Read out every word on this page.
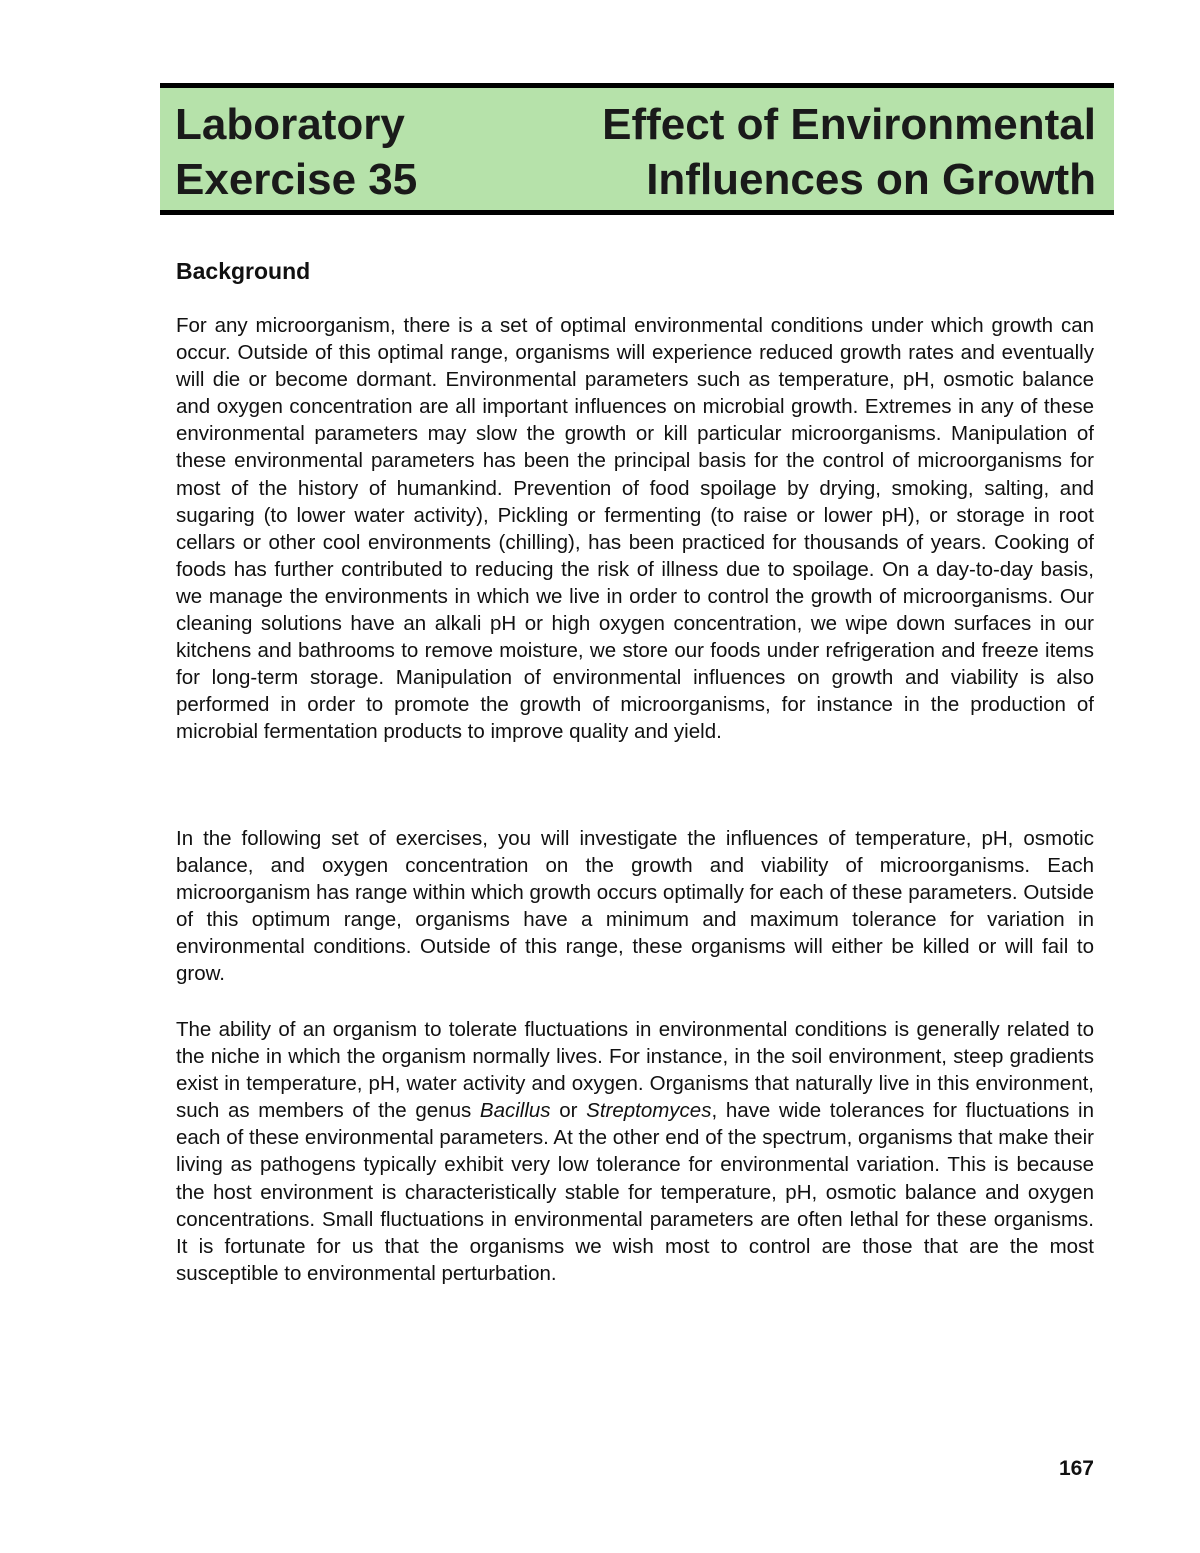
Laboratory
Exercise 35
Effect of Environmental
Influences on Growth
Background

For any microorganism, there is a set of optimal environmental conditions under which growth can occur. Outside of this optimal range, organisms will experience reduced growth rates and eventually will die or become dormant. Environmental parameters such as temperature, pH, osmotic balance and oxygen concentration are all important influences on microbial growth. Extremes in any of these environmental parameters may slow the growth or kill particular microorganisms. Manipulation of these environmental parameters has been the principal basis for the control of microorganisms for most of the history of humankind. Prevention of food spoilage by drying, smoking, salting, and sugaring (to lower water activity), Pickling or fermenting (to raise or lower pH), or storage in root cellars or other cool environments (chilling), has been practiced for thousands of years. Cooking of foods has further contributed to reducing the risk of illness due to spoilage. On a day-to-day basis, we manage the environments in which we live in order to control the growth of microorganisms. Our cleaning solutions have an alkali pH or high oxygen concentration, we wipe down surfaces in our kitchens and bathrooms to remove moisture, we store our foods under refrigeration and freeze items for long-term storage. Manipulation of environmental influences on growth and viability is also performed in order to promote the growth of microorganisms, for instance in the production of microbial fermentation products to improve quality and yield.

In the following set of exercises, you will investigate the influences of temperature, pH, osmotic balance, and oxygen concentration on the growth and viability of microorganisms. Each microorganism has range within which growth occurs optimally for each of these parameters. Outside of this optimum range, organisms have a minimum and maximum tolerance for variation in environmental conditions. Outside of this range, these organisms will either be killed or will fail to grow.

The ability of an organism to tolerate fluctuations in environmental conditions is generally related to the niche in which the organism normally lives. For instance, in the soil environment, steep gradients exist in temperature, pH, water activity and oxygen. Organisms that naturally live in this environment, such as members of the genus Bacillus or Streptomyces, have wide tolerances for fluctuations in each of these environmental parameters. At the other end of the spectrum, organisms that make their living as pathogens typically exhibit very low tolerance for environmental variation. This is because the host environment is characteristically stable for temperature, pH, osmotic balance and oxygen concentrations. Small fluctuations in environmental parameters are often lethal for these organisms. It is fortunate for us that the organisms we wish most to control are those that are the most susceptible to environmental perturbation.

167
